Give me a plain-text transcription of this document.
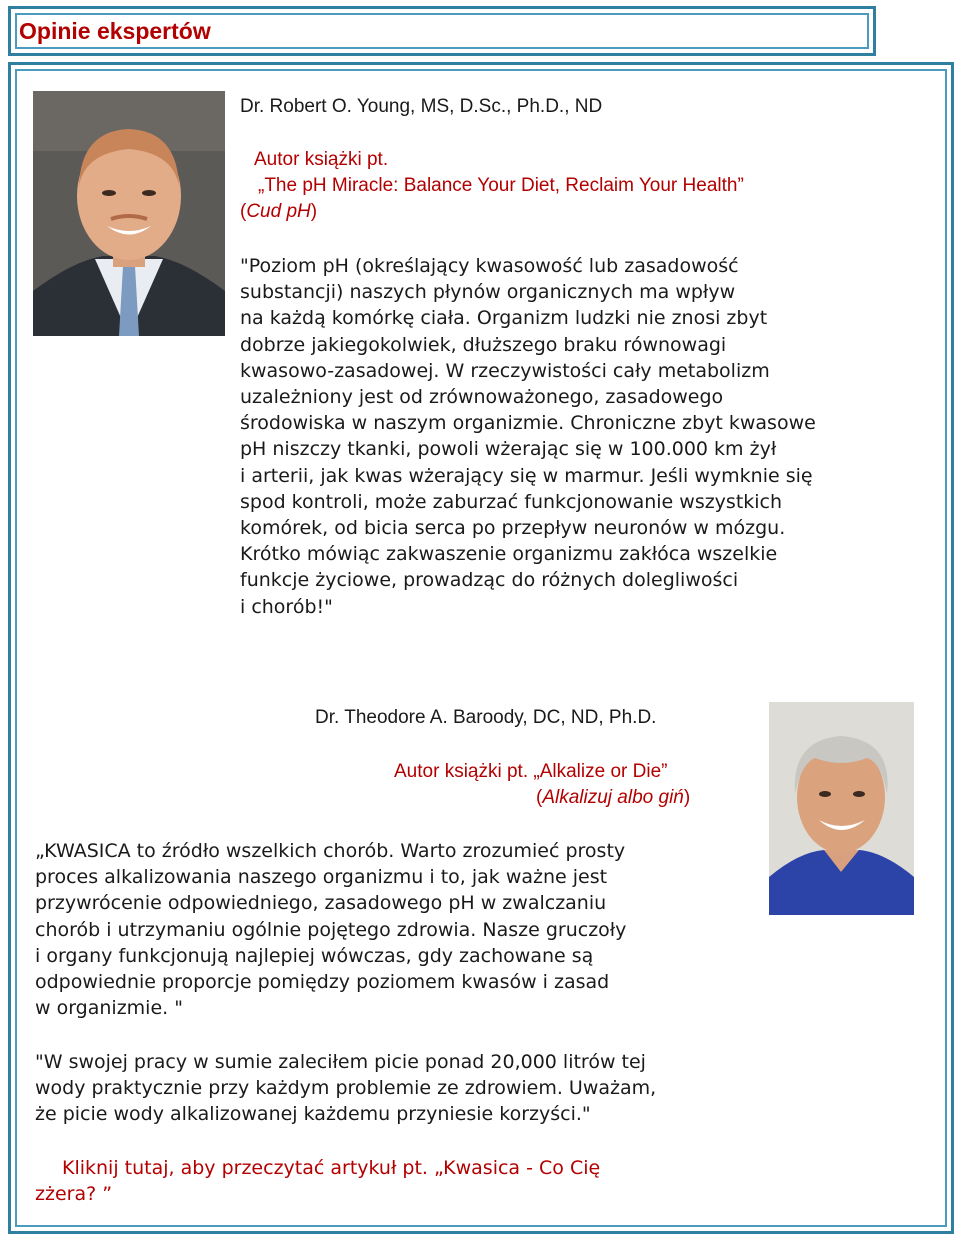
Opinie ekspertów

Dr. Robert O. Young, MS, D.Sc., Ph.D., ND

Autor książki pt.

„The pH Miracle: Balance Your Diet, Reclaim Your Health”

(Cud pH)

"Poziom pH (określający kwasowość lub zasadowość

substancji) naszych płynów organicznych ma wpływ

na każdą komórkę ciała. Organizm ludzki nie znosi zbyt

dobrze jakiegokolwiek, dłuższego braku równowagi

kwasowo-zasadowej. W rzeczywistości cały metabolizm

uzależniony jest od zrównoważonego, zasadowego

środowiska w naszym organizmie. Chroniczne zbyt kwasowe

pH niszczy tkanki, powoli wżerając się w 100.000 km żył

i arterii, jak kwas wżerający się w marmur. Jeśli wymknie się

spod kontroli, może zaburzać funkcjonowanie wszystkich

komórek, od bicia serca po przepływ neuronów w mózgu.

Krótko mówiąc zakwaszenie organizmu zakłóca wszelkie

funkcje życiowe, prowadząc do różnych dolegliwości

i chorób!"

Dr. Theodore A. Baroody, DC, ND, Ph.D.

Autor książki pt. „Alkalize or Die”

(Alkalizuj albo giń)

„KWASICA to źródło wszelkich chorób. Warto zrozumieć prosty

proces alkalizowania naszego organizmu i to, jak ważne jest

przywrócenie odpowiedniego, zasadowego pH w zwalczaniu

chorób i utrzymaniu ogólnie pojętego zdrowia. Nasze gruczoły

i organy funkcjonują najlepiej wówczas, gdy zachowane są

odpowiednie proporcje pomiędzy poziomem kwasów i zasad

w organizmie. "

"W swojej pracy w sumie zaleciłem picie ponad 20,000 litrów tej

wody praktycznie przy każdym problemie ze zdrowiem. Uważam,

że picie wody alkalizowanej każdemu przyniesie korzyści."

Kliknij tutaj, aby przeczytać artykuł pt. „Kwasica - Co Cię
zżera? ”
